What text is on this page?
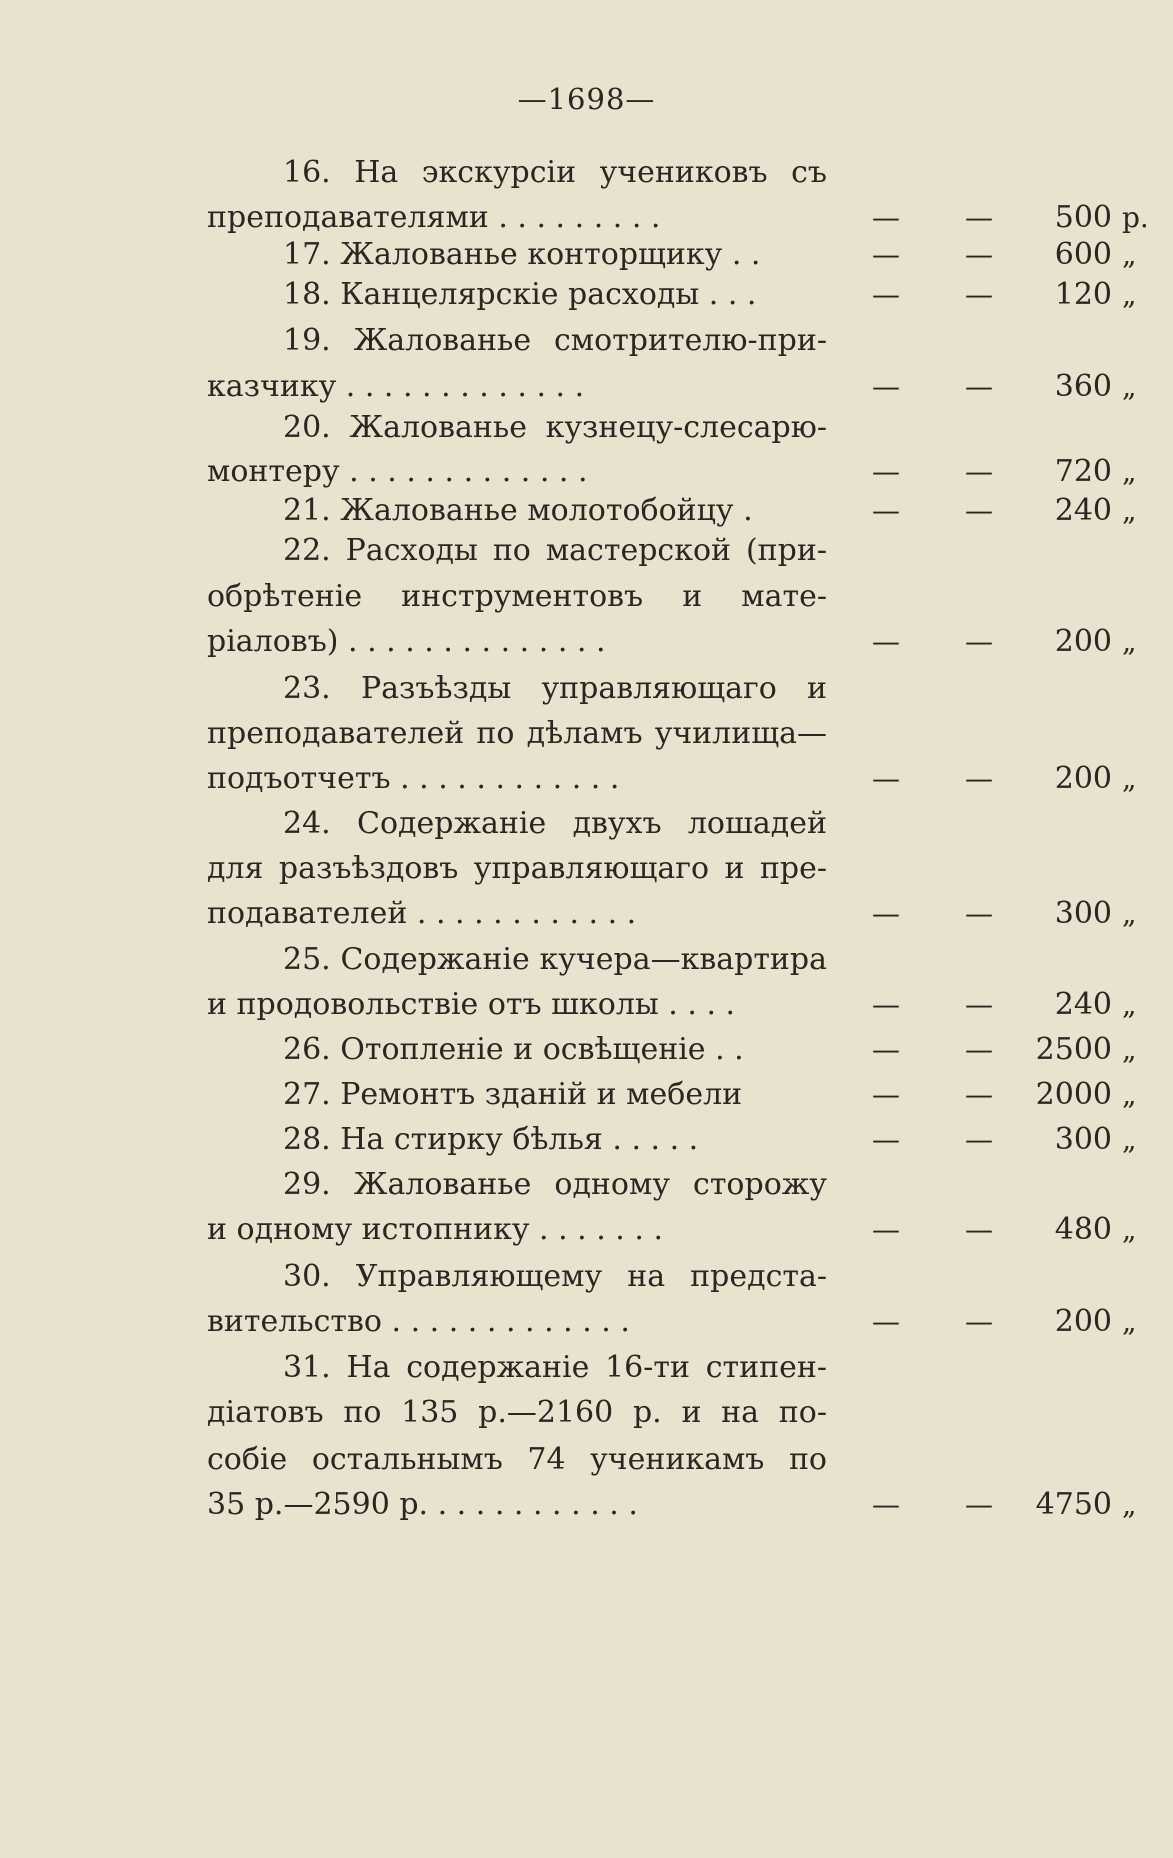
—1698—
16. На экскурсіи учениковъ съ
преподавателями . . . . . . . . .	— —	500 р.
17. Жалованье конторщику . .	— —	600 „
18. Канцелярскіе расходы . . .	— —	120 „
19. Жалованье смотрителю-при-
казчику . . . . . . . . . . . . .	— —	360 „
20. Жалованье кузнецу-слесарю-
монтеру . . . . . . . . . . . . .	— —	720 „
21. Жалованье молотобойцу .	— —	240 „
22. Расходы по мастерской (при-
обрѣтеніе инструментовъ и мате-
ріаловъ) . . . . . . . . . . . . . .	— —	200 „
23. Разъѣзды управляющаго и
преподавателей по дѣламъ училища—
подъотчетъ . . . . . . . . . . . .	— —	200 „
24. Содержаніе двухъ лошадей
для разъѣздовъ управляющаго и пре-
подавателей . . . . . . . . . . . .	— —	300 „
25. Содержаніе кучера—квартира
и продовольствіе отъ школы . . . .	— —	240 „
26. Отопленіе и освѣщеніе . .	— —	2500 „
27. Ремонтъ зданій и мебели	— —	2000 „
28. На стирку бѣлья . . . . .	— —	300 „
29. Жалованье одному сторожу
и одному истопнику . . . . . . .	— —	480 „
30. Управляющему на предста-
вительство . . . . . . . . . . . . .	— —	200 „
31. На содержаніе 16-ти стипен-
діатовъ по 135 р.—2160 р. и на по-
собіе остальнымъ 74 ученикамъ по
35 р.—2590 р. . . . . . . . . . . .	— —	4750 „
